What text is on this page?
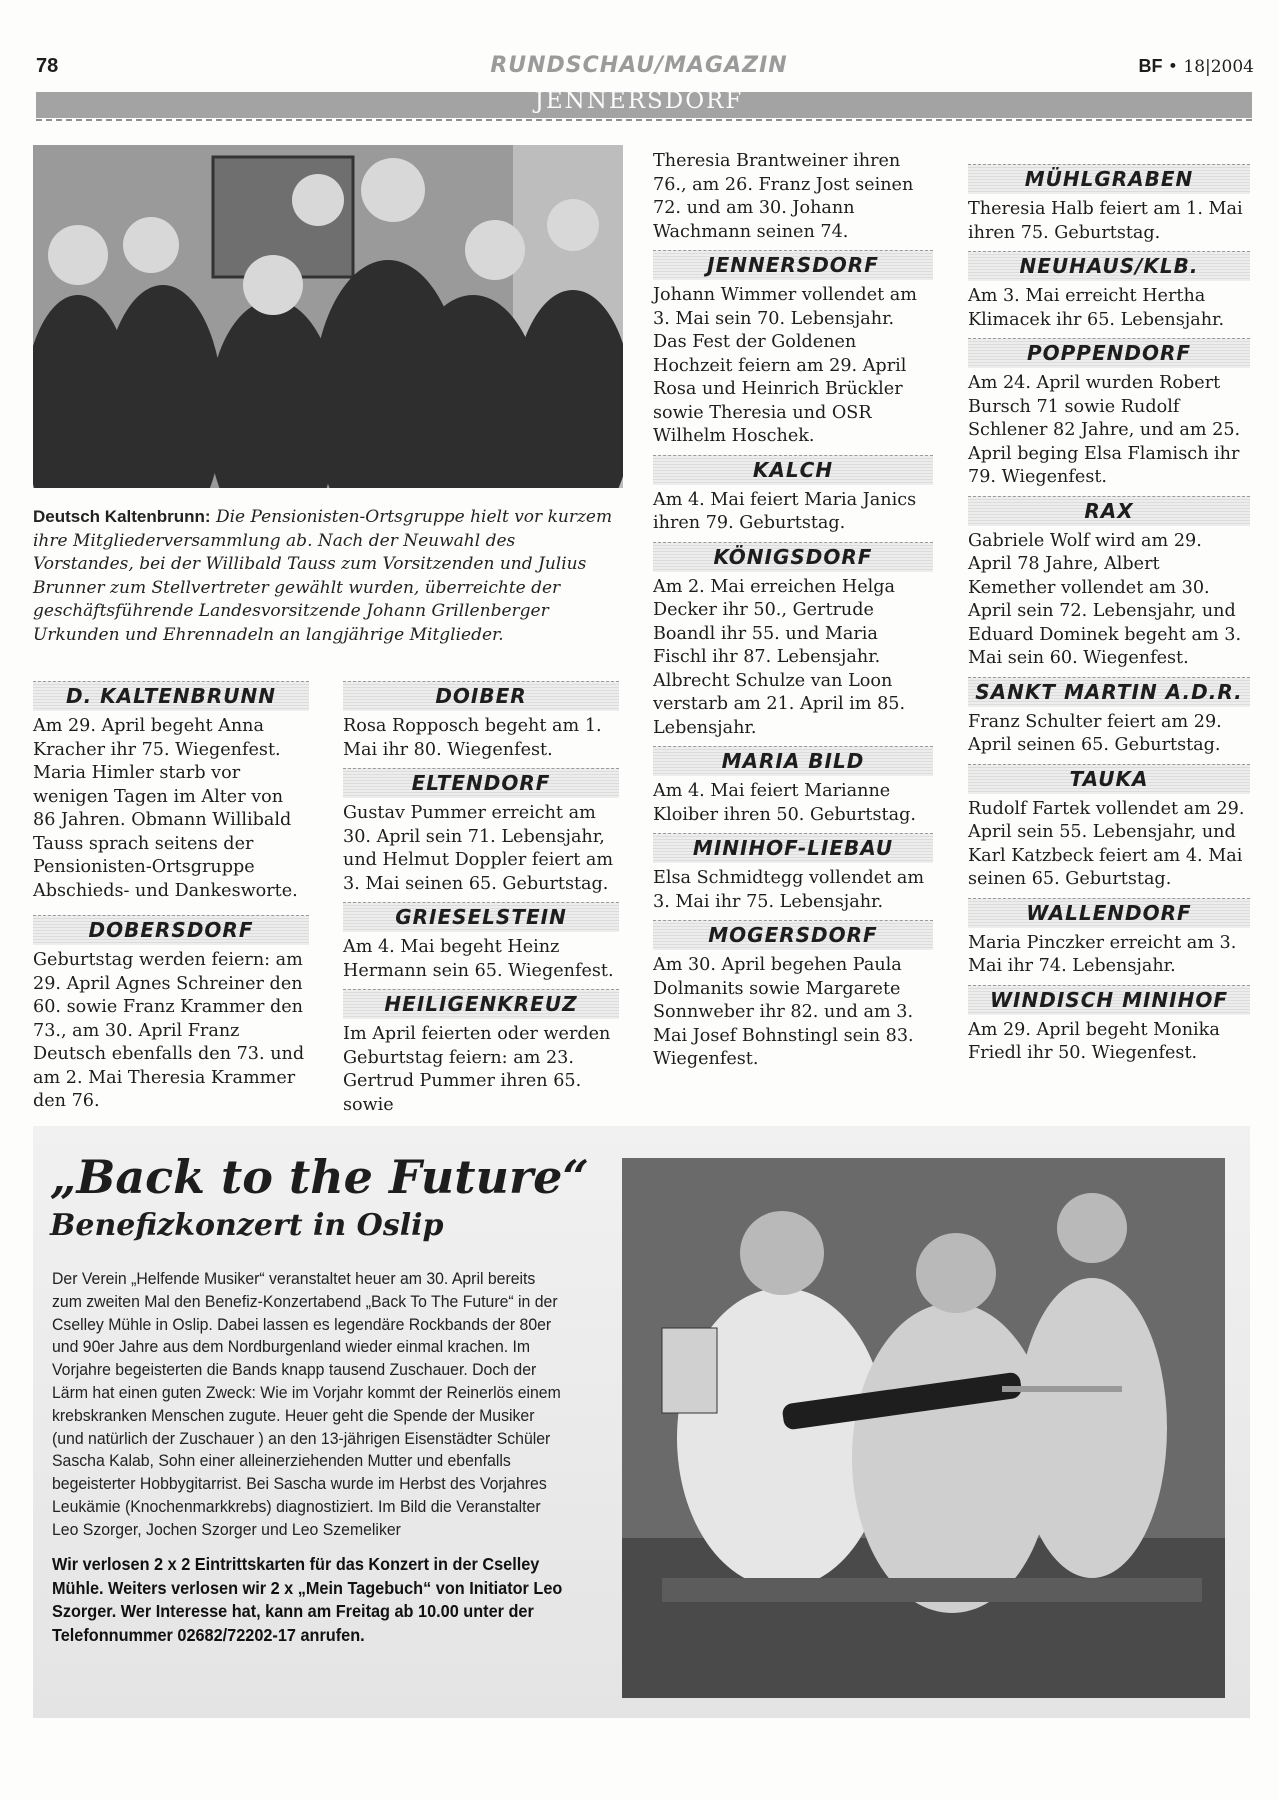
78	RUNDSCHAU/MAGAZIN	BF • 18|2004
JENNERSDORF
Deutsch Kaltenbrunn: Die Pensionisten-Ortsgruppe hielt vor kurzem ihre Mitgliederversammlung ab. Nach der Neuwahl des Vorstandes, bei der Willibald Tauss zum Vorsitzenden und Julius Brunner zum Stellvertreter gewählt wurden, überreichte der geschäftsführende Landesvorsitzende Johann Grillenberger Urkunden und Ehrennadeln an langjährige Mitglieder.
D. KALTENBRUNN

Am 29. April begeht Anna Kracher ihr 75. Wiegenfest. Maria Himler starb vor wenigen Tagen im Alter von 86 Jahren. Obmann Willibald Tauss sprach seitens der Pensionisten-Ortsgruppe Abschieds- und Dankesworte.

DOBERSDORF

Geburtstag werden feiern: am 29. April Agnes Schreiner den 60. sowie Franz Krammer den 73., am 30. April Franz Deutsch ebenfalls den 73. und am 2. Mai Theresia Krammer den 76.

DOIBER

Rosa Ropposch begeht am 1. Mai ihr 80. Wiegenfest.

ELTENDORF

Gustav Pummer erreicht am 30. April sein 71. Lebensjahr, und Helmut Doppler feiert am 3. Mai seinen 65. Geburtstag.

GRIESELSTEIN

Am 4. Mai begeht Heinz Hermann sein 65. Wiegenfest.

HEILIGENKREUZ

Im April feierten oder werden Geburtstag feiern: am 23. Gertrud Pummer ihren 65. sowie

Theresia Brantweiner ihren 76., am 26. Franz Jost seinen 72. und am 30. Johann Wachmann seinen 74.

JENNERSDORF

Johann Wimmer vollendet am 3. Mai sein 70. Lebensjahr. Das Fest der Goldenen Hochzeit feiern am 29. April Rosa und Heinrich Brückler sowie Theresia und OSR Wilhelm Hoschek.

KALCH

Am 4. Mai feiert Maria Janics ihren 79. Geburtstag.

KÖNIGSDORF

Am 2. Mai erreichen Helga Decker ihr 50., Gertrude Boandl ihr 55. und Maria Fischl ihr 87. Lebensjahr. Albrecht Schulze van Loon verstarb am 21. April im 85. Lebensjahr.

MARIA BILD

Am 4. Mai feiert Marianne Kloiber ihren 50. Geburtstag.

MINIHOF-LIEBAU

Elsa Schmidtegg vollendet am 3. Mai ihr 75. Lebensjahr.

MOGERSDORF

Am 30. April begehen Paula Dolmanits sowie Margarete Sonnweber ihr 82. und am 3. Mai Josef Bohnstingl sein 83. Wiegenfest.

MÜHLGRABEN

Theresia Halb feiert am 1. Mai ihren 75. Geburtstag.

NEUHAUS/KLB.

Am 3. Mai erreicht Hertha Klimacek ihr 65. Lebensjahr.

POPPENDORF

Am 24. April wurden Robert Bursch 71 sowie Rudolf Schlener 82 Jahre, und am 25. April beging Elsa Flamisch ihr 79. Wiegenfest.

RAX

Gabriele Wolf wird am 29. April 78 Jahre, Albert Kemether vollendet am 30. April sein 72. Lebensjahr, und Eduard Dominek begeht am 3. Mai sein 60. Wiegenfest.

SANKT MARTIN A.D.R.

Franz Schulter feiert am 29. April seinen 65. Geburtstag.

TAUKA

Rudolf Fartek vollendet am 29. April sein 55. Lebensjahr, und Karl Katzbeck feiert am 4. Mai seinen 65. Geburtstag.

WALLENDORF

Maria Pinczker erreicht am 3. Mai ihr 74. Lebensjahr.

WINDISCH MINIHOF

Am 29. April begeht Monika Friedl ihr 50. Wiegenfest.

„Back to the Future“
Benefizkonzert in Oslip
Der Verein „Helfende Musiker“ veranstaltet heuer am 30. April bereits zum zweiten Mal den Benefiz-Konzertabend „Back To The Future“ in der Cselley Mühle in Oslip. Dabei lassen es legendäre Rockbands der 80er und 90er Jahre aus dem Nordburgenland wieder einmal krachen. Im Vorjahre begeisterten die Bands knapp tausend Zuschauer. Doch der Lärm hat einen guten Zweck: Wie im Vorjahr kommt der Reinerlös einem krebskranken Menschen zugute. Heuer geht die Spende der Musiker (und natürlich der Zuschauer ) an den 13-jährigen Eisenstädter Schüler Sascha Kalab, Sohn einer alleinerziehenden Mutter und ebenfalls begeisterter Hobbygitarrist. Bei Sascha wurde im Herbst des Vorjahres Leukämie (Knochenmarkkrebs) diagnostiziert. Im Bild die Veranstalter Leo Szorger, Jochen Szorger und Leo Szemeliker
Wir verlosen 2 x 2 Eintrittskarten für das Konzert in der Cselley Mühle. Weiters verlosen wir 2 x „Mein Tagebuch“ von Initiator Leo Szorger. Wer Interesse hat, kann am Freitag ab 10.00 unter der Telefonnummer 02682/72202-17 anrufen.
